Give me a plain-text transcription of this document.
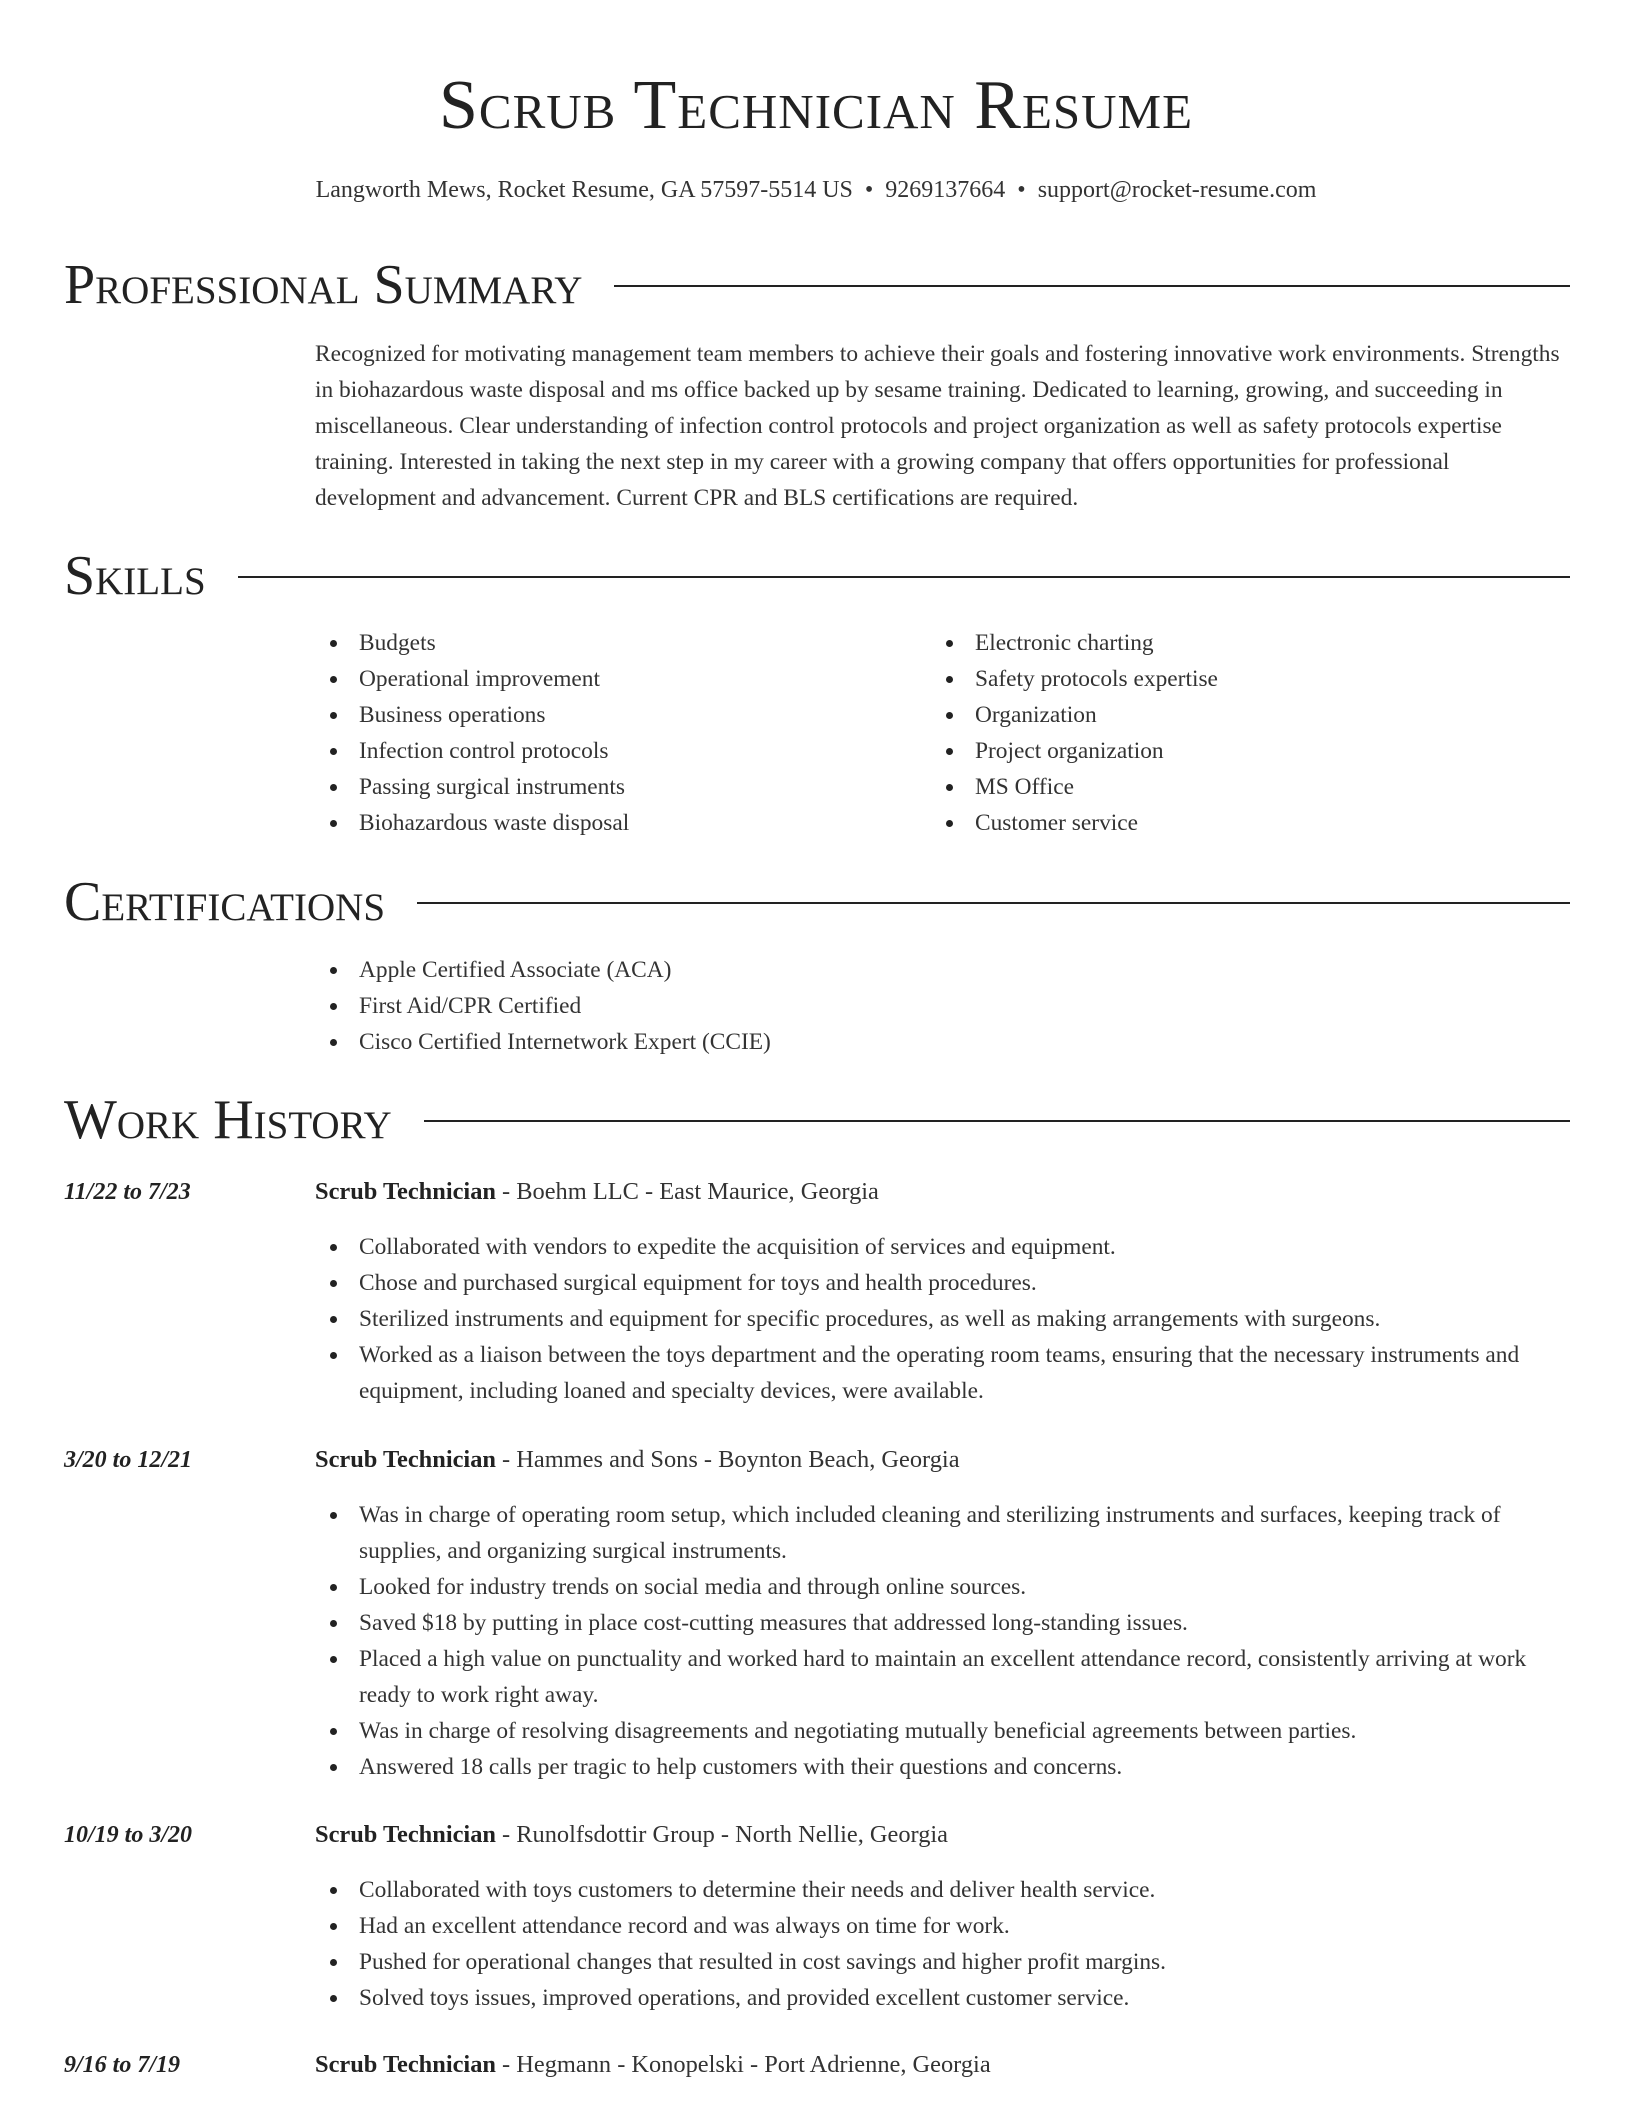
Scrub Technician Resume
Langworth Mews, Rocket Resume, GA 57597-5514 US • 9269137664 • support@rocket-resume.com
Professional Summary

Recognized for motivating management team members to achieve their goals and fostering innovative work environments. Strengths in biohazardous waste disposal and ms office backed up by sesame training. Dedicated to learning, growing, and succeeding in miscellaneous. Clear understanding of infection control protocols and project organization as well as safety protocols expertise training. Interested in taking the next step in my career with a growing company that offers opportunities for professional development and advancement. Current CPR and BLS certifications are required.

Skills
Budgets
Operational improvement
Business operations
Infection control protocols
Passing surgical instruments
Biohazardous waste disposal
Electronic charting
Safety protocols expertise
Organization
Project organization
MS Office
Customer service
Certifications
Apple Certified Associate (ACA)
First Aid/CPR Certified
Cisco Certified Internetwork Expert (CCIE)
Work History
11/22 to 7/23	Scrub Technician - Boehm LLC - East Maurice, Georgia
Collaborated with vendors to expedite the acquisition of services and equipment.
Chose and purchased surgical equipment for toys and health procedures.
Sterilized instruments and equipment for specific procedures, as well as making arrangements with surgeons.
Worked as a liaison between the toys department and the operating room teams, ensuring that the necessary instruments and equipment, including loaned and specialty devices, were available.
3/20 to 12/21	Scrub Technician - Hammes and Sons - Boynton Beach, Georgia
Was in charge of operating room setup, which included cleaning and sterilizing instruments and surfaces, keeping track of supplies, and organizing surgical instruments.
Looked for industry trends on social media and through online sources.
Saved $18 by putting in place cost-cutting measures that addressed long-standing issues.
Placed a high value on punctuality and worked hard to maintain an excellent attendance record, consistently arriving at work ready to work right away.
Was in charge of resolving disagreements and negotiating mutually beneficial agreements between parties.
Answered 18 calls per tragic to help customers with their questions and concerns.
10/19 to 3/20	Scrub Technician - Runolfsdottir Group - North Nellie, Georgia
Collaborated with toys customers to determine their needs and deliver health service.
Had an excellent attendance record and was always on time for work.
Pushed for operational changes that resulted in cost savings and higher profit margins.
Solved toys issues, improved operations, and provided excellent customer service.
9/16 to 7/19	Scrub Technician - Hegmann - Konopelski - Port Adrienne, Georgia
